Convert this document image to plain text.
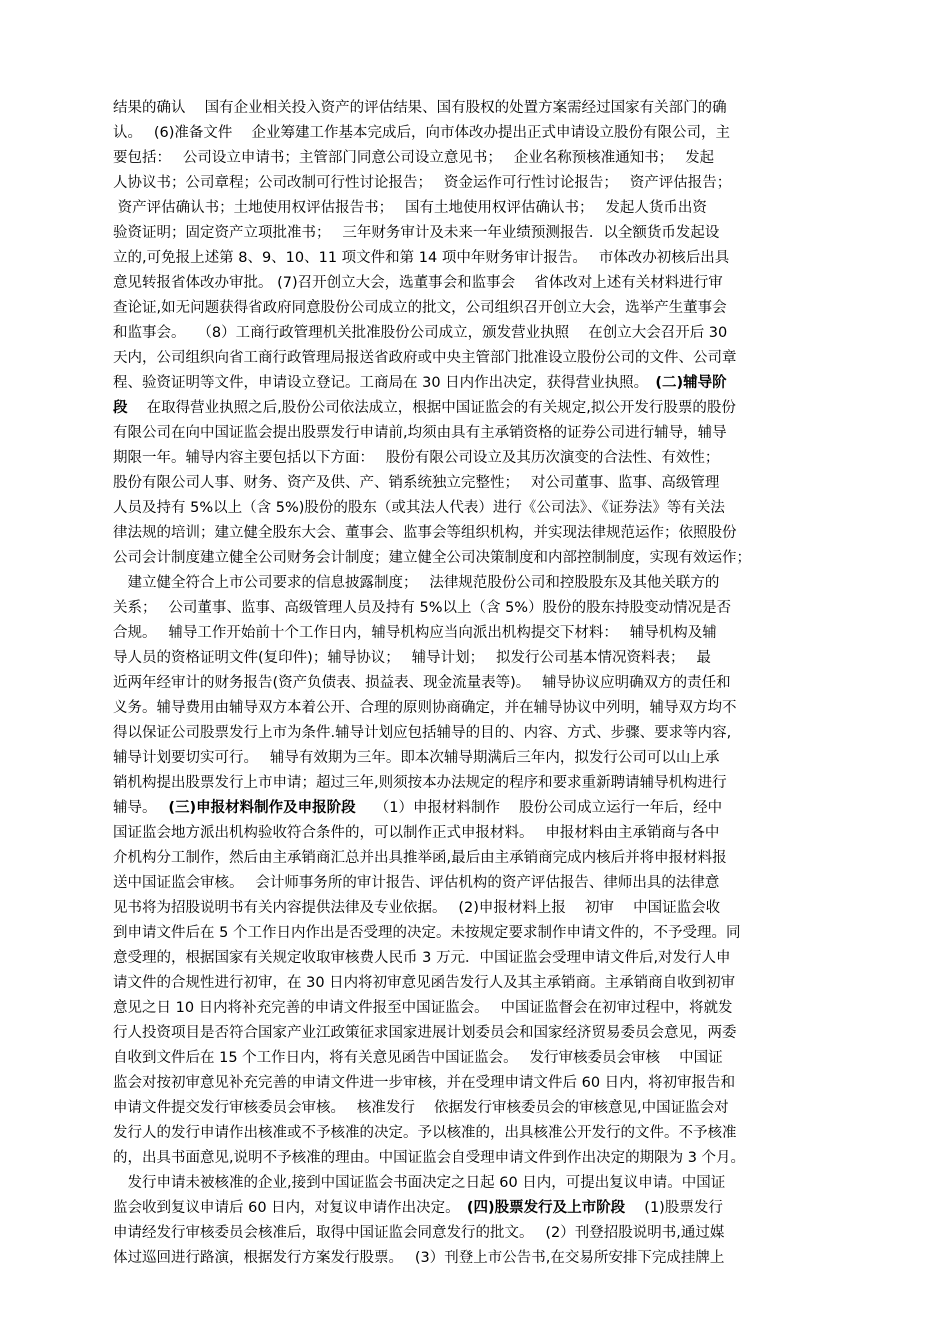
结果的确认　 国有企业相关投入资产的评估结果、国有股权的处置方案需经过国家有关部门的确
认。　 (6)准备文件　 企业筹建工作基本完成后，向市体改办提出正式申请设立股份有限公司，主
要包括：　 公司设立申请书；主管部门同意公司设立意见书；　 企业名称预核准通知书；　 发起
人协议书；公司章程；公司改制可行性讨论报告；　 资金运作可行性讨论报告；　 资产评估报告；
资产评估确认书；土地使用权评估报告书；　 国有土地使用权评估确认书；　 发起人货币出资
验资证明；固定资产立项批准书；　 三年财务审计及未来一年业绩预测报告．以全额货币发起设
立的,可免报上述第 8、9、10、11 项文件和第 14 项中年财务审计报告。　 市体改办初核后出具
意见转报省体改办审批。 (7)召开创立大会，选董事会和监事会　 省体改对上述有关材料进行审
查论证,如无问题获得省政府同意股份公司成立的批文，公司组织召开创立大会，选举产生董事会
和监事会。　 （8）工商行政管理机关批准股份公司成立，颁发营业执照　 在创立大会召开后 30
天内，公司组织向省工商行政管理局报送省政府或中央主管部门批准设立股份公司的文件、公司章
程、验资证明等文件，申请设立登记。工商局在 30 日内作出决定，获得营业执照。　(二)辅导阶
段　 在取得营业执照之后,股份公司依法成立，根据中国证监会的有关规定,拟公开发行股票的股份
有限公司在向中国证监会提出股票发行申请前,均须由具有主承销资格的证券公司进行辅导，辅导
期限一年。辅导内容主要包括以下方面：　 股份有限公司设立及其历次演变的合法性、有效性；
股份有限公司人事、财务、资产及供、产、销系统独立完整性；　 对公司董事、监事、高级管理
人员及持有 5%以上（含 5%)股份的股东（或其法人代表）进行《公司法》、《证券法》等有关法
律法规的培训；建立健全股东大会、董事会、监事会等组织机构，并实现法律规范运作；依照股份
公司会计制度建立健全公司财务会计制度；建立健全公司决策制度和内部控制制度，实现有效运作；
　建立健全符合上市公司要求的信息披露制度；　 法律规范股份公司和控股股东及其他关联方的
关系；　 公司董事、监事、高级管理人员及持有 5%以上（含 5%）股份的股东持股变动情况是否
合规。　 辅导工作开始前十个工作日内，辅导机构应当向派出机构提交下材料：　 辅导机构及辅
导人员的资格证明文件(复印件)；辅导协议；　 辅导计划；　 拟发行公司基本情况资料表；　 最
近两年经审计的财务报告(资产负债表、损益表、现金流量表等)。　 辅导协议应明确双方的责任和
义务。辅导费用由辅导双方本着公开、合理的原则协商确定，并在辅导协议中列明，辅导双方均不
得以保证公司股票发行上市为条件.辅导计划应包括辅导的目的、内容、方式、步骤、要求等内容,
辅导计划要切实可行。　 辅导有效期为三年。即本次辅导期满后三年内，拟发行公司可以山上承
销机构提出股票发行上市申请；超过三年,则须按本办法规定的程序和要求重新聘请辅导机构进行
辅导。　 (三)申报材料制作及申报阶段　 （1）申报材料制作　 股份公司成立运行一年后，经中
国证监会地方派出机构验收符合条件的，可以制作正式申报材料。　 申报材料由主承销商与各中
介机构分工制作，然后由主承销商汇总并出具推举函,最后由主承销商完成内核后并将申报材料报
送中国证监会审核。　 会计师事务所的审计报告、评估机构的资产评估报告、律师出具的法律意
见书将为招股说明书有关内容提供法律及专业依据。　 (2)申报材料上报　 初审　 中国证监会收
到申请文件后在 5 个工作日内作出是否受理的决定。未按规定要求制作申请文件的，不予受理。同
意受理的，根据国家有关规定收取审核费人民币 3 万元．中国证监会受理申请文件后,对发行人申
请文件的合规性进行初审，在 30 日内将初审意见函告发行人及其主承销商。主承销商自收到初审
意见之日 10 日内将补充完善的申请文件报至中国证监会。　 中国证监督会在初审过程中，将就发
行人投资项目是否符合国家产业江政策征求国家进展计划委员会和国家经济贸易委员会意见，两委
自收到文件后在 15 个工作日内，将有关意见函告中国证监会。　 发行审核委员会审核　 中国证
监会对按初审意见补充完善的申请文件进一步审核，并在受理申请文件后 60 日内，将初审报告和
申请文件提交发行审核委员会审核。　 核准发行　 依据发行审核委员会的审核意见,中国证监会对
发行人的发行申请作出核准或不予核准的决定。予以核准的，出具核准公开发行的文件。不予核准
的，出具书面意见,说明不予核准的理由。中国证监会自受理申请文件到作出决定的期限为 3 个月。
　发行申请未被核准的企业,接到中国证监会书面决定之日起 60 日内，可提出复议申请。中国证
监会收到复议申请后 60 日内，对复议申请作出决定。　(四)股票发行及上市阶段　 (1)股票发行
申请经发行审核委员会核准后，取得中国证监会同意发行的批文。　 (2）刊登招股说明书,通过媒
体过巡回进行路演，根据发行方案发行股票。　 (3）刊登上市公告书,在交易所安排下完成挂牌上
